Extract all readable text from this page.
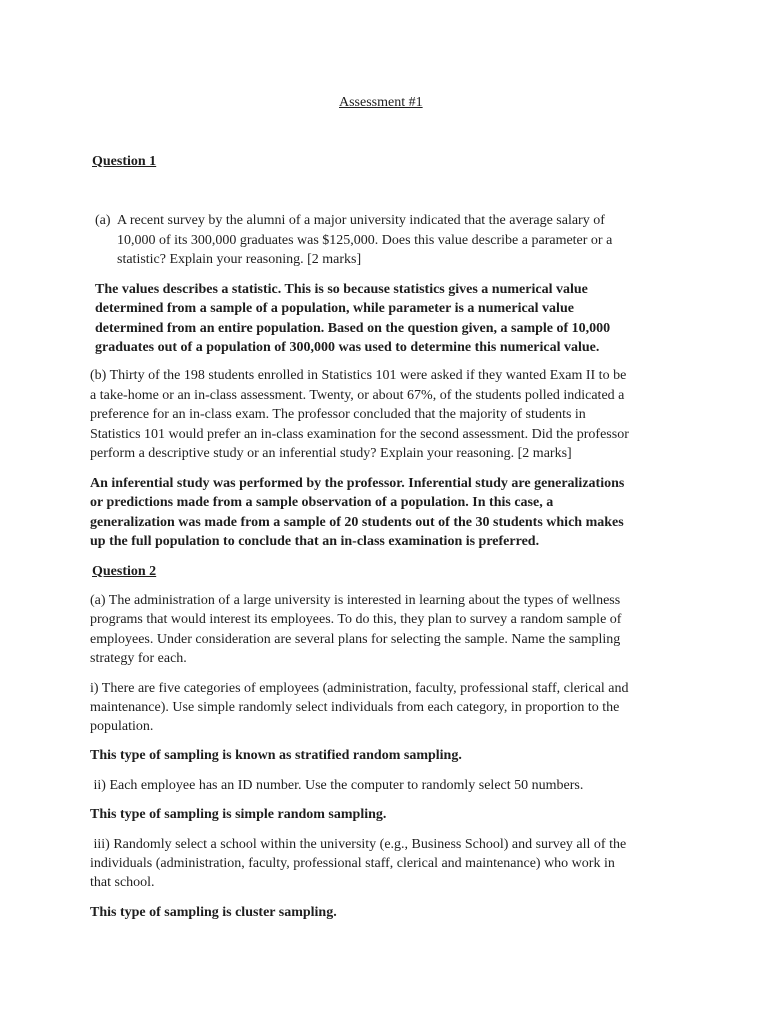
Assessment #1
Question 1
(a) A recent survey by the alumni of a major university indicated that the average salary of
10,000 of its 300,000 graduates was $125,000. Does this value describe a parameter or a
statistic? Explain your reasoning. [2 marks]
The values describes a statistic. This is so because statistics gives a numerical value
determined from a sample of a population, while parameter is a numerical value
determined from an entire population. Based on the question given, a sample of 10,000
graduates out of a population of 300,000 was used to determine this numerical value.
(b) Thirty of the 198 students enrolled in Statistics 101 were asked if they wanted Exam II to be
a take-home or an in-class assessment. Twenty, or about 67%, of the students polled indicated a
preference for an in-class exam. The professor concluded that the majority of students in
Statistics 101 would prefer an in-class examination for the second assessment. Did the professor
perform a descriptive study or an inferential study? Explain your reasoning. [2 marks]
An inferential study was performed by the professor. Inferential study are generalizations
or predictions made from a sample observation of a population. In this case, a
generalization was made from a sample of 20 students out of the 30 students which makes
up the full population to conclude that an in-class examination is preferred.
Question 2
(a) The administration of a large university is interested in learning about the types of wellness
programs that would interest its employees. To do this, they plan to survey a random sample of
employees. Under consideration are several plans for selecting the sample. Name the sampling
strategy for each.
i) There are five categories of employees (administration, faculty, professional staff, clerical and
maintenance). Use simple randomly select individuals from each category, in proportion to the
population.
This type of sampling is known as stratified random sampling.
ii) Each employee has an ID number. Use the computer to randomly select 50 numbers.
This type of sampling is simple random sampling.
iii) Randomly select a school within the university (e.g., Business School) and survey all of the
individuals (administration, faculty, professional staff, clerical and maintenance) who work in
that school.
This type of sampling is cluster sampling.
